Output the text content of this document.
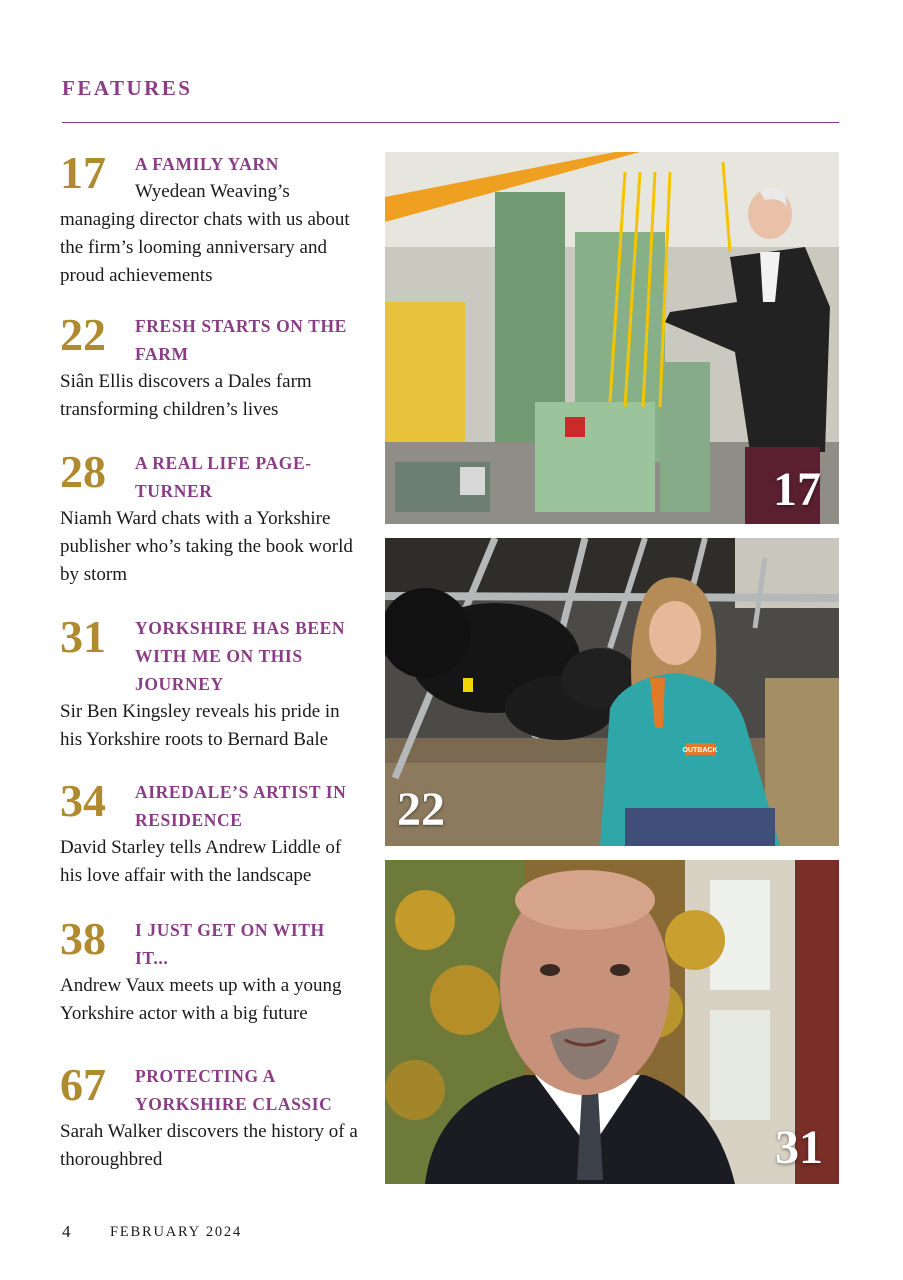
FEATURES
17 A FAMILY YARN

Wyedean Weaving’s managing director chats with us about the firm’s looming anniversary and proud achievements

22 FRESH STARTS ON THE FARM

Siân Ellis discovers a Dales farm transforming children’s lives

28 A REAL LIFE PAGE-TURNER

Niamh Ward chats with a Yorkshire publisher who’s taking the book world by storm

31 YORKSHIRE HAS BEEN WITH ME ON THIS JOURNEY

Sir Ben Kingsley reveals his pride in his Yorkshire roots to Bernard Bale

34 AIREDALE’S ARTIST IN RESIDENCE

David Starley tells Andrew Liddle of his love affair with the landscape

38 I JUST GET ON WITH IT...

Andrew Vaux meets up with a young Yorkshire actor with a big future

67 PROTECTING A YORKSHIRE CLASSIC

Sarah Walker discovers the history of a thoroughbred

17
OUTBACK
22
31
4	FEBRUARY 2024
